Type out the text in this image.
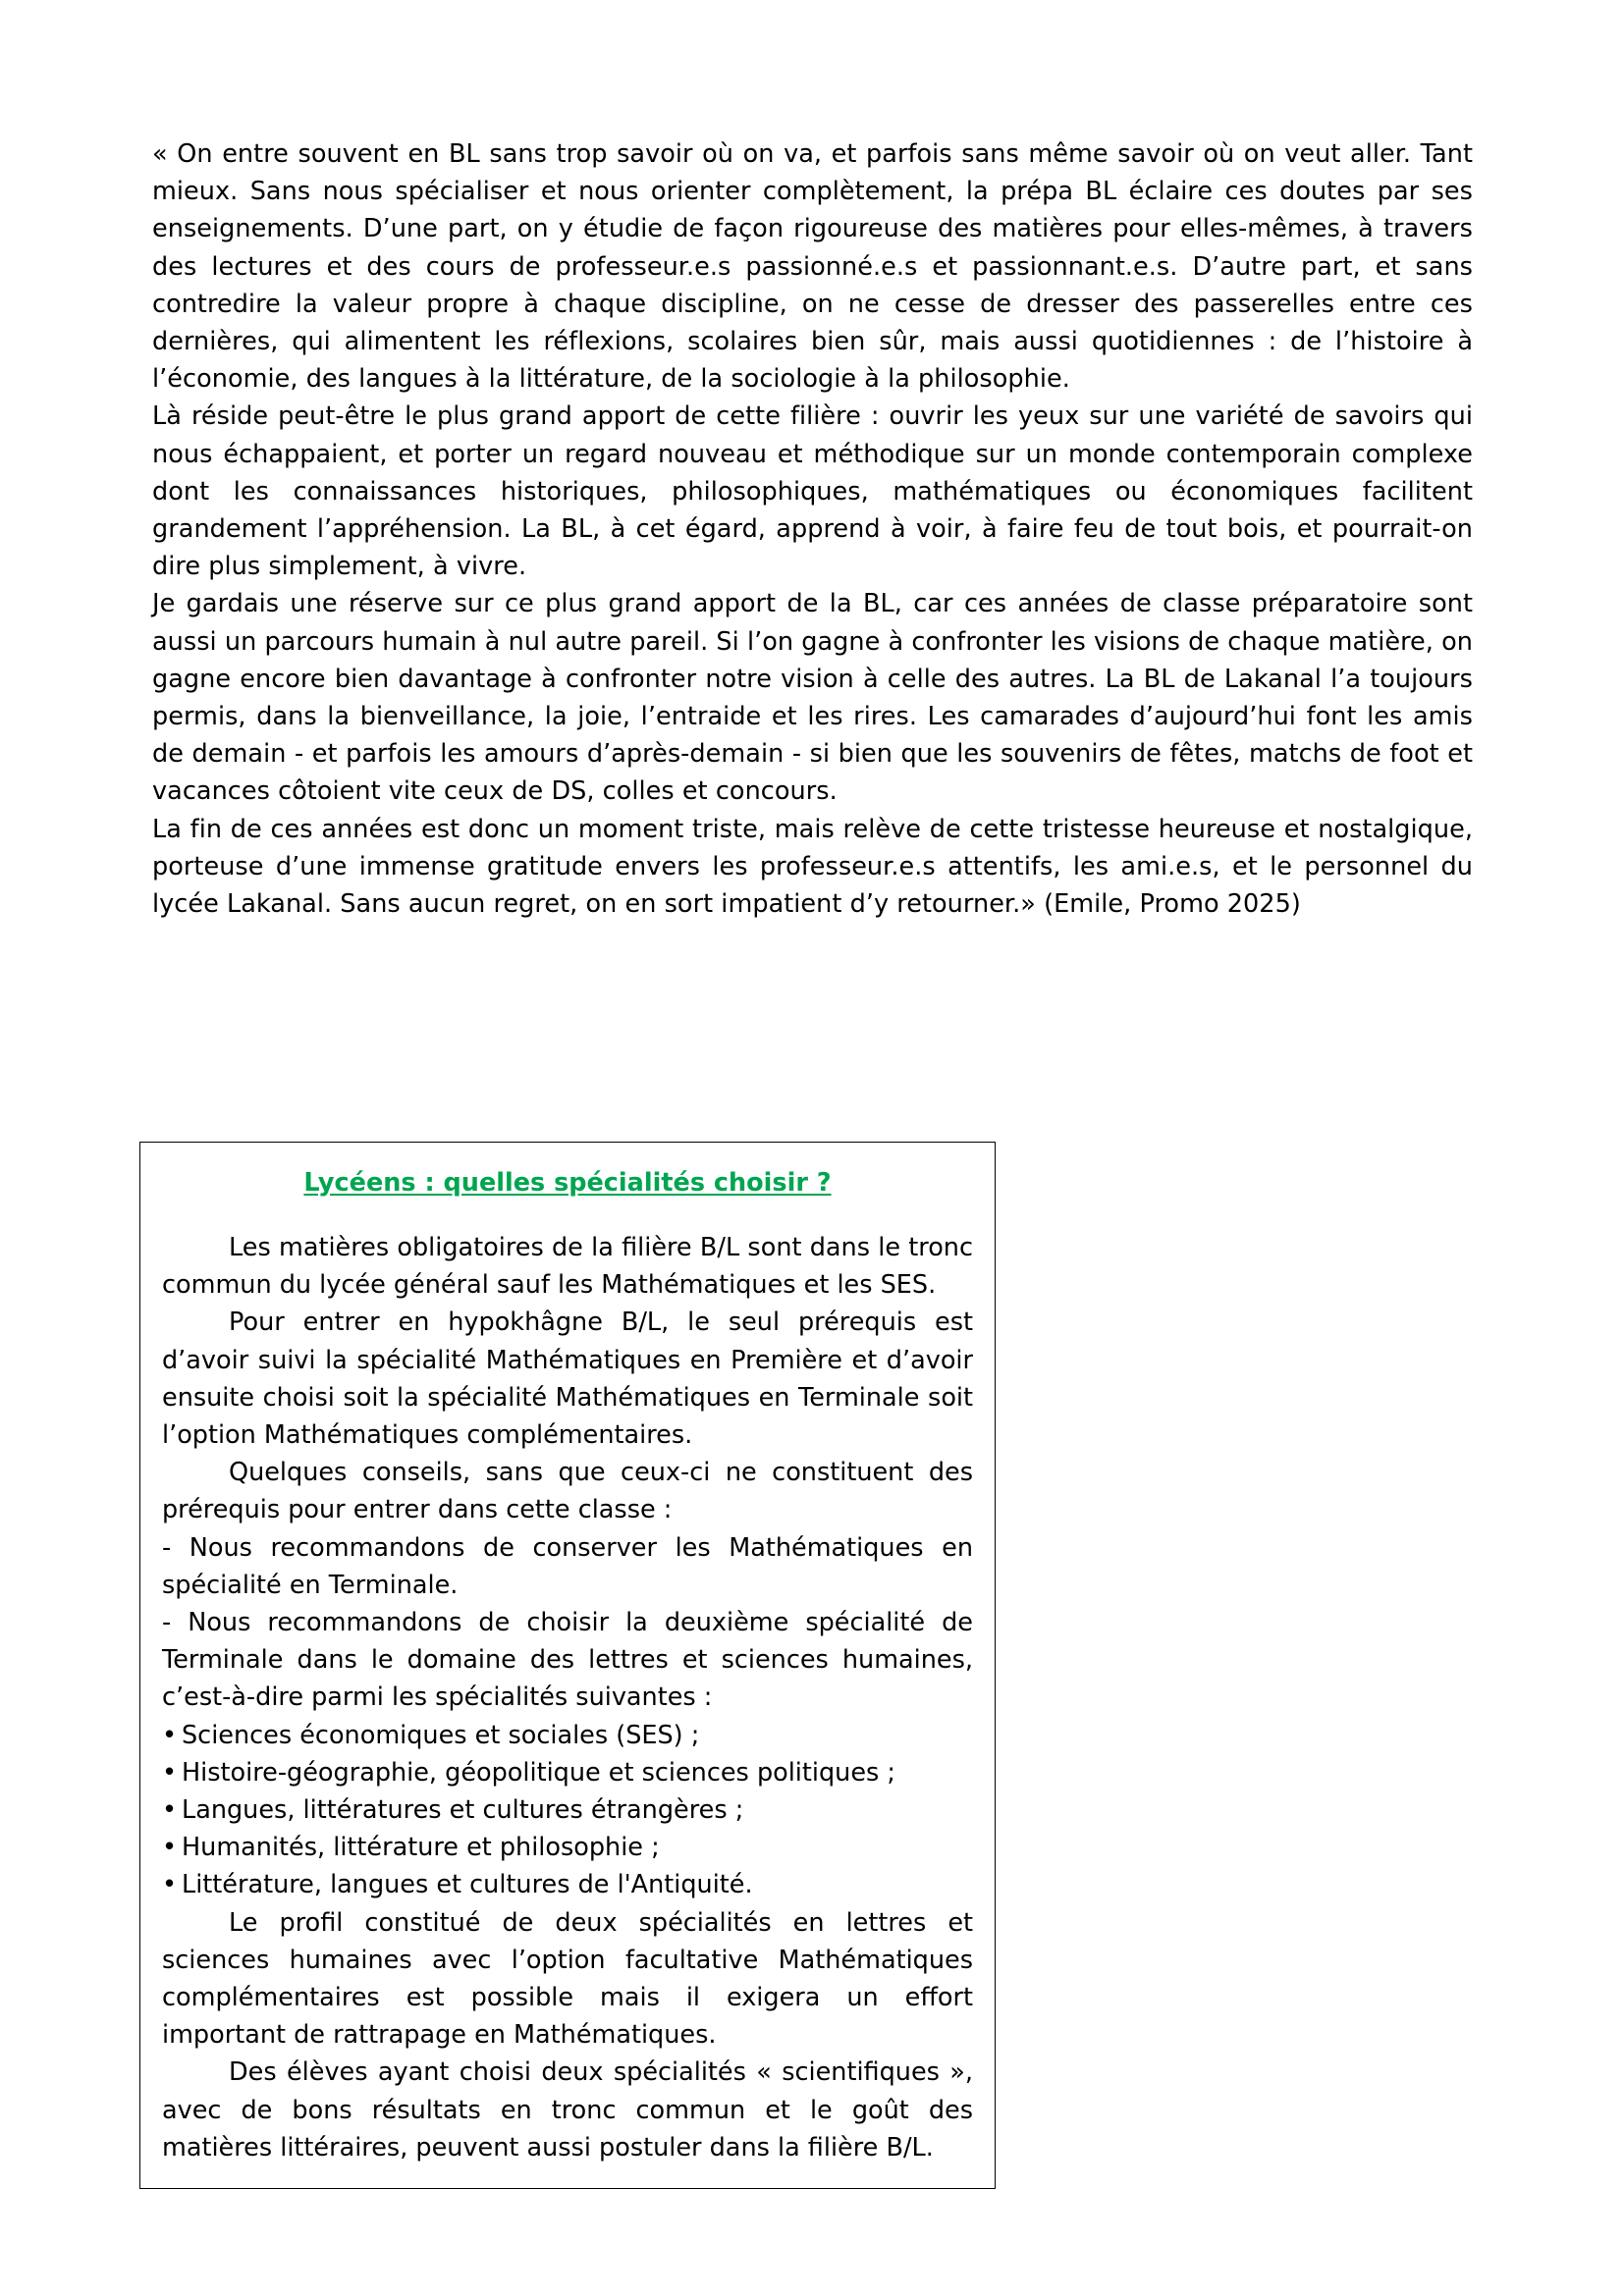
« On entre souvent en BL sans trop savoir où on va, et parfois sans même savoir où on veut aller. Tant mieux. Sans nous spécialiser et nous orienter complètement, la prépa BL éclaire ces doutes par ses enseignements. D’une part, on y étudie de façon rigoureuse des matières pour elles-mêmes, à travers des lectures et des cours de professeur.e.s passionné.e.s et passionnant.e.s. D’autre part, et sans contredire la valeur propre à chaque discipline, on ne cesse de dresser des passerelles entre ces dernières, qui alimentent les réflexions, scolaires bien sûr, mais aussi quotidiennes : de l’histoire à l’économie, des langues à la littérature, de la sociologie à la philosophie.

Là réside peut-être le plus grand apport de cette filière : ouvrir les yeux sur une variété de savoirs qui nous échappaient, et porter un regard nouveau et méthodique sur un monde contemporain complexe dont les connaissances historiques, philosophiques, mathématiques ou économiques facilitent grandement l’appréhension. La BL, à cet égard, apprend à voir, à faire feu de tout bois, et pourrait-on dire plus simplement, à vivre.

Je gardais une réserve sur ce plus grand apport de la BL, car ces années de classe préparatoire sont aussi un parcours humain à nul autre pareil. Si l’on gagne à confronter les visions de chaque matière, on gagne encore bien davantage à confronter notre vision à celle des autres. La BL de Lakanal l’a toujours permis, dans la bienveillance, la joie, l’entraide et les rires. Les camarades d’aujourd’hui font les amis de demain - et parfois les amours d’après-demain - si bien que les souvenirs de fêtes, matchs de foot et vacances côtoient vite ceux de DS, colles et concours.

La fin de ces années est donc un moment triste, mais relève de cette tristesse heureuse et nostalgique, porteuse d’une immense gratitude envers les professeur.e.s attentifs, les ami.e.s, et le personnel du lycée Lakanal. Sans aucun regret, on en sort impatient d’y retourner.» (Emile, Promo 2025)

Lycéens : quelles spécialités choisir ?

Les matières obligatoires de la filière B/L sont dans le tronc commun du lycée général sauf les Mathématiques et les SES.

Pour entrer en hypokhâgne B/L, le seul prérequis est d’avoir suivi la spécialité Mathématiques en Première et d’avoir ensuite choisi soit la spécialité Mathématiques en Terminale soit l’option Mathématiques complémentaires.

Quelques conseils, sans que ceux-ci ne constituent des prérequis pour entrer dans cette classe :

- Nous recommandons de conserver les Mathématiques en spécialité en Terminale.

- Nous recommandons de choisir la deuxième spécialité de Terminale dans le domaine des lettres et sciences humaines, c’est-à-dire parmi les spécialités suivantes :

• Sciences économiques et sociales (SES) ;

• Histoire-géographie, géopolitique et sciences politiques ;

• Langues, littératures et cultures étrangères ;

• Humanités, littérature et philosophie ;

• Littérature, langues et cultures de l'Antiquité.

Le profil constitué de deux spécialités en lettres et sciences humaines avec l’option facultative Mathématiques complémentaires est possible mais il exigera un effort important de rattrapage en Mathématiques.

Des élèves ayant choisi deux spécialités « scientifiques », avec de bons résultats en tronc commun et le goût des matières littéraires, peuvent aussi postuler dans la filière B/L.
